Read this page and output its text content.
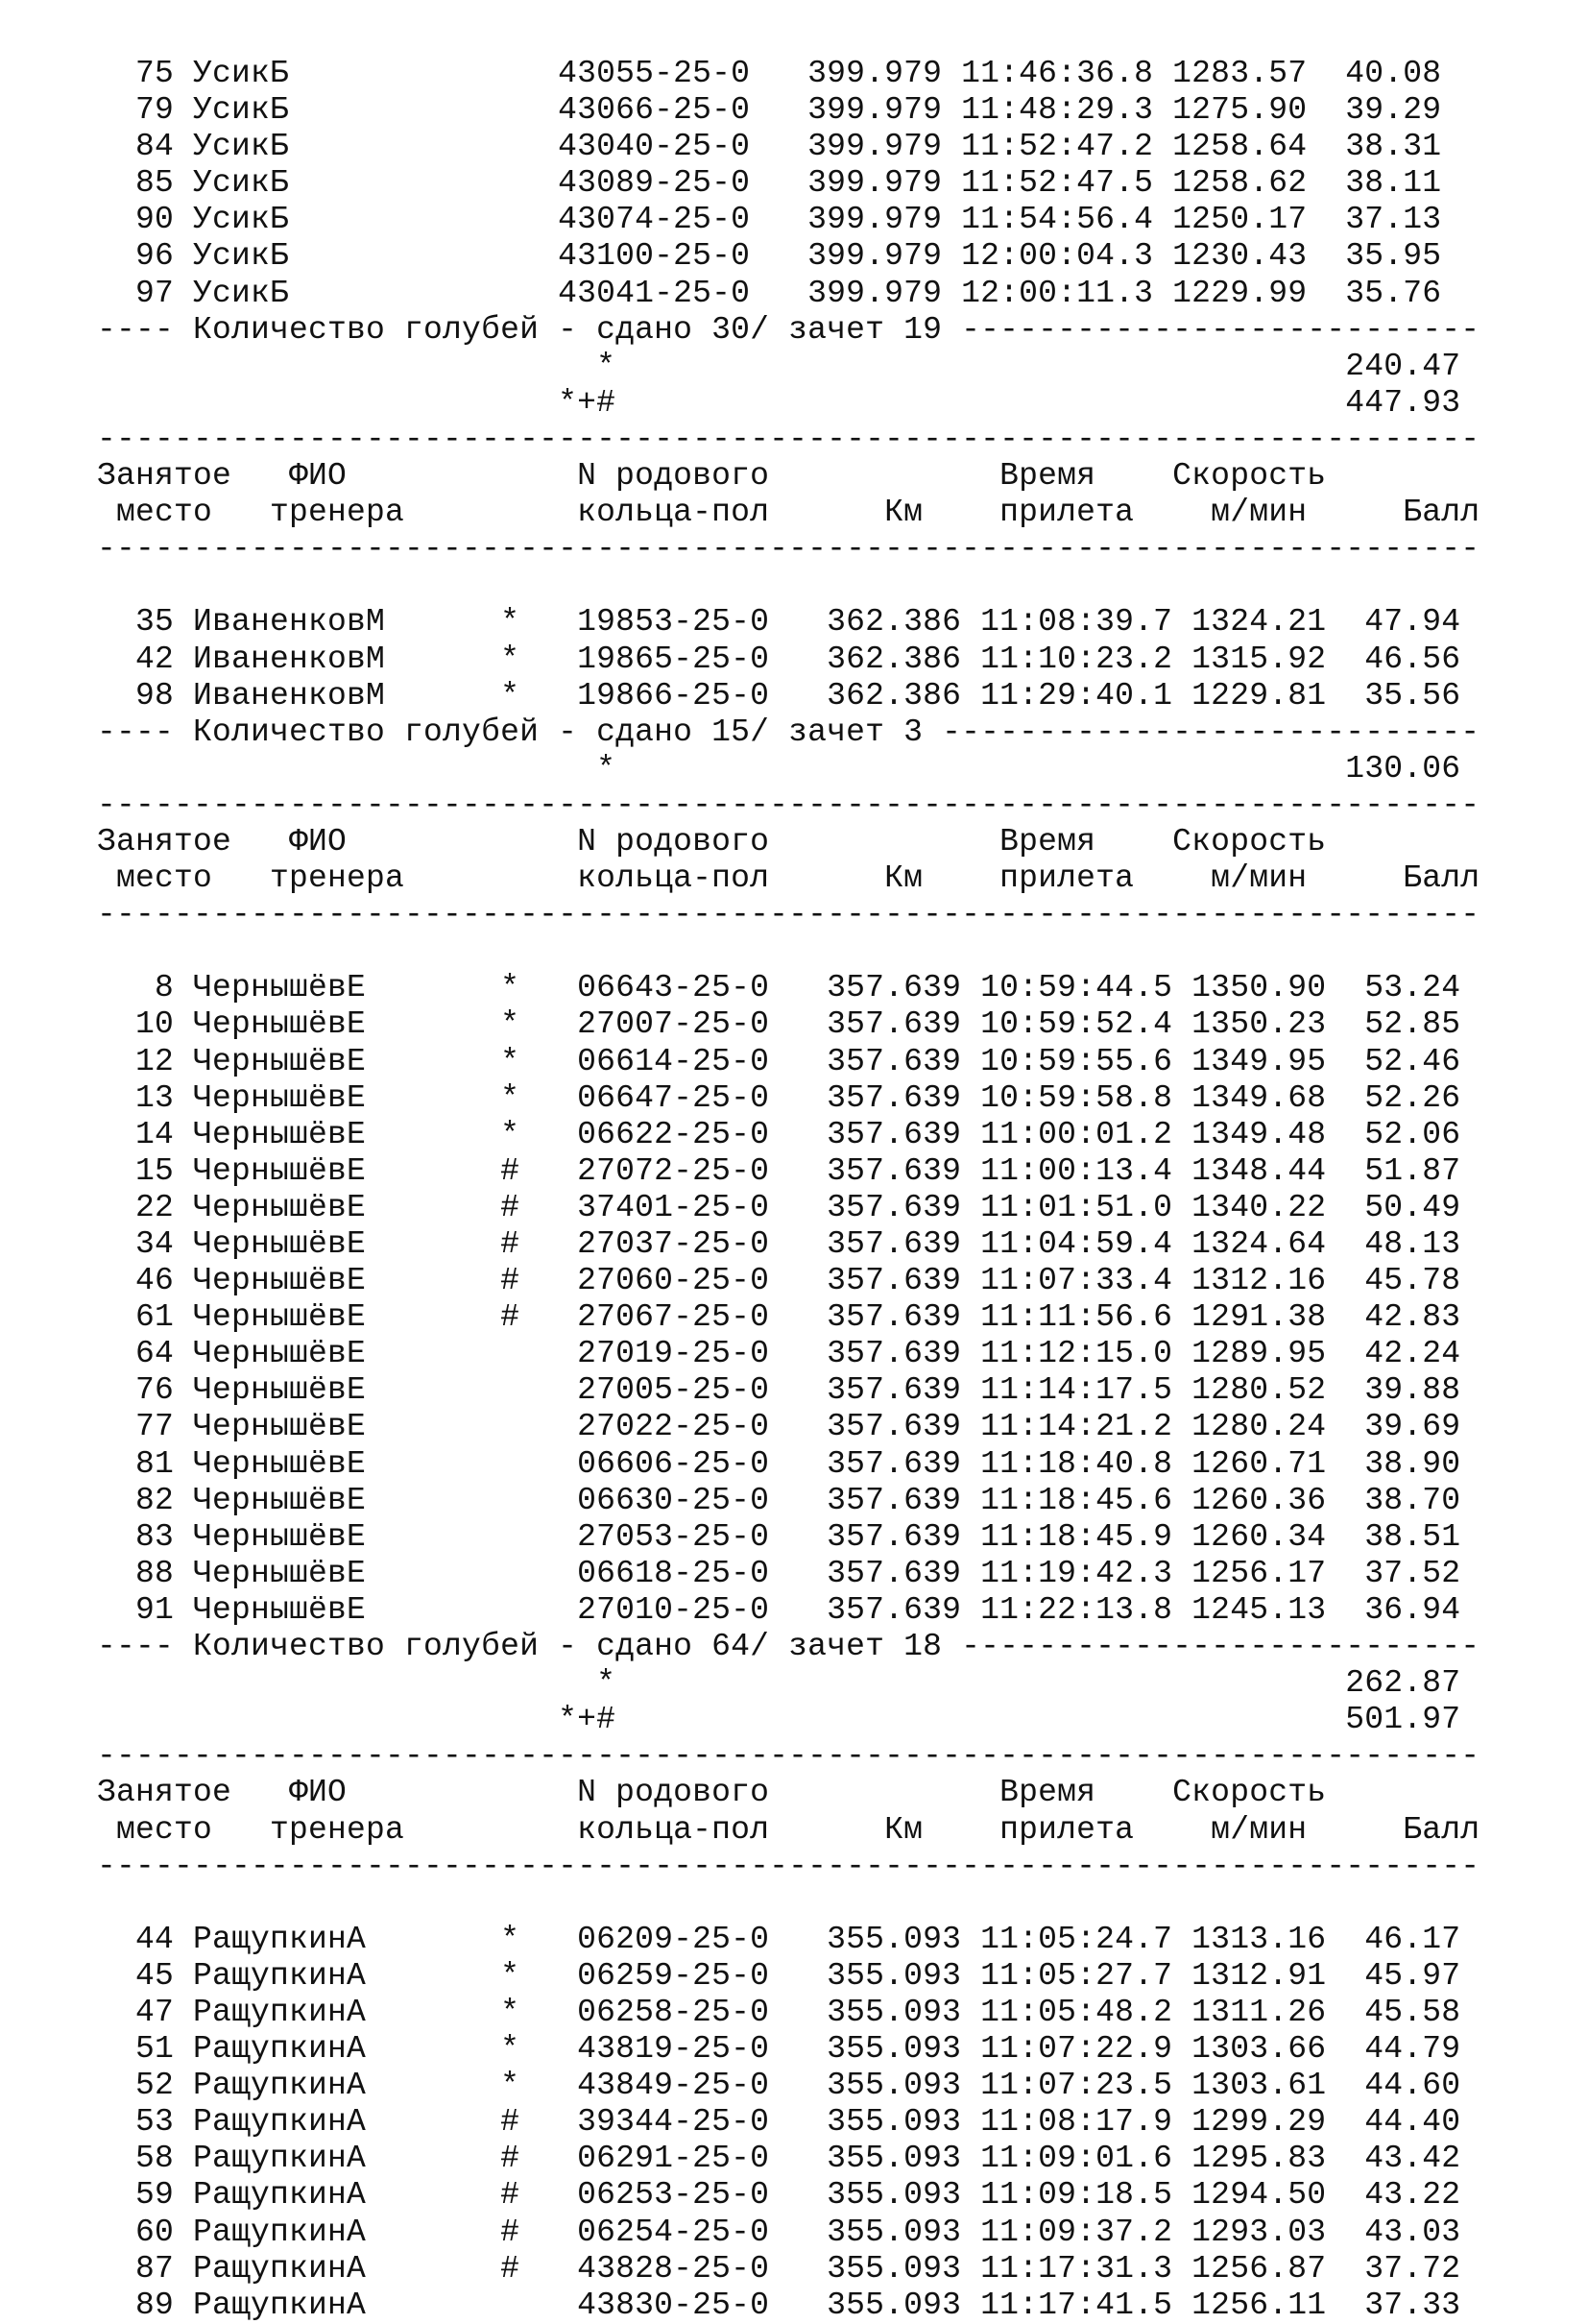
75 УсикБ              43055-25-0   399.979 11:46:36.8 1283.57  40.08
79 УсикБ              43066-25-0   399.979 11:48:29.3 1275.90  39.29
84 УсикБ              43040-25-0   399.979 11:52:47.2 1258.64  38.31
85 УсикБ              43089-25-0   399.979 11:52:47.5 1258.62  38.11
90 УсикБ              43074-25-0   399.979 11:54:56.4 1250.17  37.13
96 УсикБ              43100-25-0   399.979 12:00:04.3 1230.43  35.95
97 УсикБ              43041-25-0   399.979 12:00:11.3 1229.99  35.76
---- Количество голубей - сдано 30/ зачет 19 ---------------------------
*                                      240.47
*+#                                      447.93
------------------------------------------------------------------------
Занятое   ФИО            N родового            Время    Скорость
место   тренера         кольца-пол      Км    прилета    м/мин     Балл
------------------------------------------------------------------------

35 ИваненковМ      *   19853-25-0   362.386 11:08:39.7 1324.21  47.94
42 ИваненковМ      *   19865-25-0   362.386 11:10:23.2 1315.92  46.56
98 ИваненковМ      *   19866-25-0   362.386 11:29:40.1 1229.81  35.56
---- Количество голубей - сдано 15/ зачет 3 ----------------------------
*                                      130.06
------------------------------------------------------------------------
Занятое   ФИО            N родового            Время    Скорость
место   тренера         кольца-пол      Км    прилета    м/мин     Балл
------------------------------------------------------------------------

8 ЧернышёвЕ       *   06643-25-0   357.639 10:59:44.5 1350.90  53.24
10 ЧернышёвЕ       *   27007-25-0   357.639 10:59:52.4 1350.23  52.85
12 ЧернышёвЕ       *   06614-25-0   357.639 10:59:55.6 1349.95  52.46
13 ЧернышёвЕ       *   06647-25-0   357.639 10:59:58.8 1349.68  52.26
14 ЧернышёвЕ       *   06622-25-0   357.639 11:00:01.2 1349.48  52.06
15 ЧернышёвЕ       #   27072-25-0   357.639 11:00:13.4 1348.44  51.87
22 ЧернышёвЕ       #   37401-25-0   357.639 11:01:51.0 1340.22  50.49
34 ЧернышёвЕ       #   27037-25-0   357.639 11:04:59.4 1324.64  48.13
46 ЧернышёвЕ       #   27060-25-0   357.639 11:07:33.4 1312.16  45.78
61 ЧернышёвЕ       #   27067-25-0   357.639 11:11:56.6 1291.38  42.83
64 ЧернышёвЕ           27019-25-0   357.639 11:12:15.0 1289.95  42.24
76 ЧернышёвЕ           27005-25-0   357.639 11:14:17.5 1280.52  39.88
77 ЧернышёвЕ           27022-25-0   357.639 11:14:21.2 1280.24  39.69
81 ЧернышёвЕ           06606-25-0   357.639 11:18:40.8 1260.71  38.90
82 ЧернышёвЕ           06630-25-0   357.639 11:18:45.6 1260.36  38.70
83 ЧернышёвЕ           27053-25-0   357.639 11:18:45.9 1260.34  38.51
88 ЧернышёвЕ           06618-25-0   357.639 11:19:42.3 1256.17  37.52
91 ЧернышёвЕ           27010-25-0   357.639 11:22:13.8 1245.13  36.94
---- Количество голубей - сдано 64/ зачет 18 ---------------------------
*                                      262.87
*+#                                      501.97
------------------------------------------------------------------------
Занятое   ФИО            N родового            Время    Скорость
место   тренера         кольца-пол      Км    прилета    м/мин     Балл
------------------------------------------------------------------------

44 РащупкинА       *   06209-25-0   355.093 11:05:24.7 1313.16  46.17
45 РащупкинА       *   06259-25-0   355.093 11:05:27.7 1312.91  45.97
47 РащупкинА       *   06258-25-0   355.093 11:05:48.2 1311.26  45.58
51 РащупкинА       *   43819-25-0   355.093 11:07:22.9 1303.66  44.79
52 РащупкинА       *   43849-25-0   355.093 11:07:23.5 1303.61  44.60
53 РащупкинА       #   39344-25-0   355.093 11:08:17.9 1299.29  44.40
58 РащупкинА       #   06291-25-0   355.093 11:09:01.6 1295.83  43.42
59 РащупкинА       #   06253-25-0   355.093 11:09:18.5 1294.50  43.22
60 РащупкинА       #   06254-25-0   355.093 11:09:37.2 1293.03  43.03
87 РащупкинА       #   43828-25-0   355.093 11:17:31.3 1256.87  37.72
89 РащупкинА           43830-25-0   355.093 11:17:41.5 1256.11  37.33
